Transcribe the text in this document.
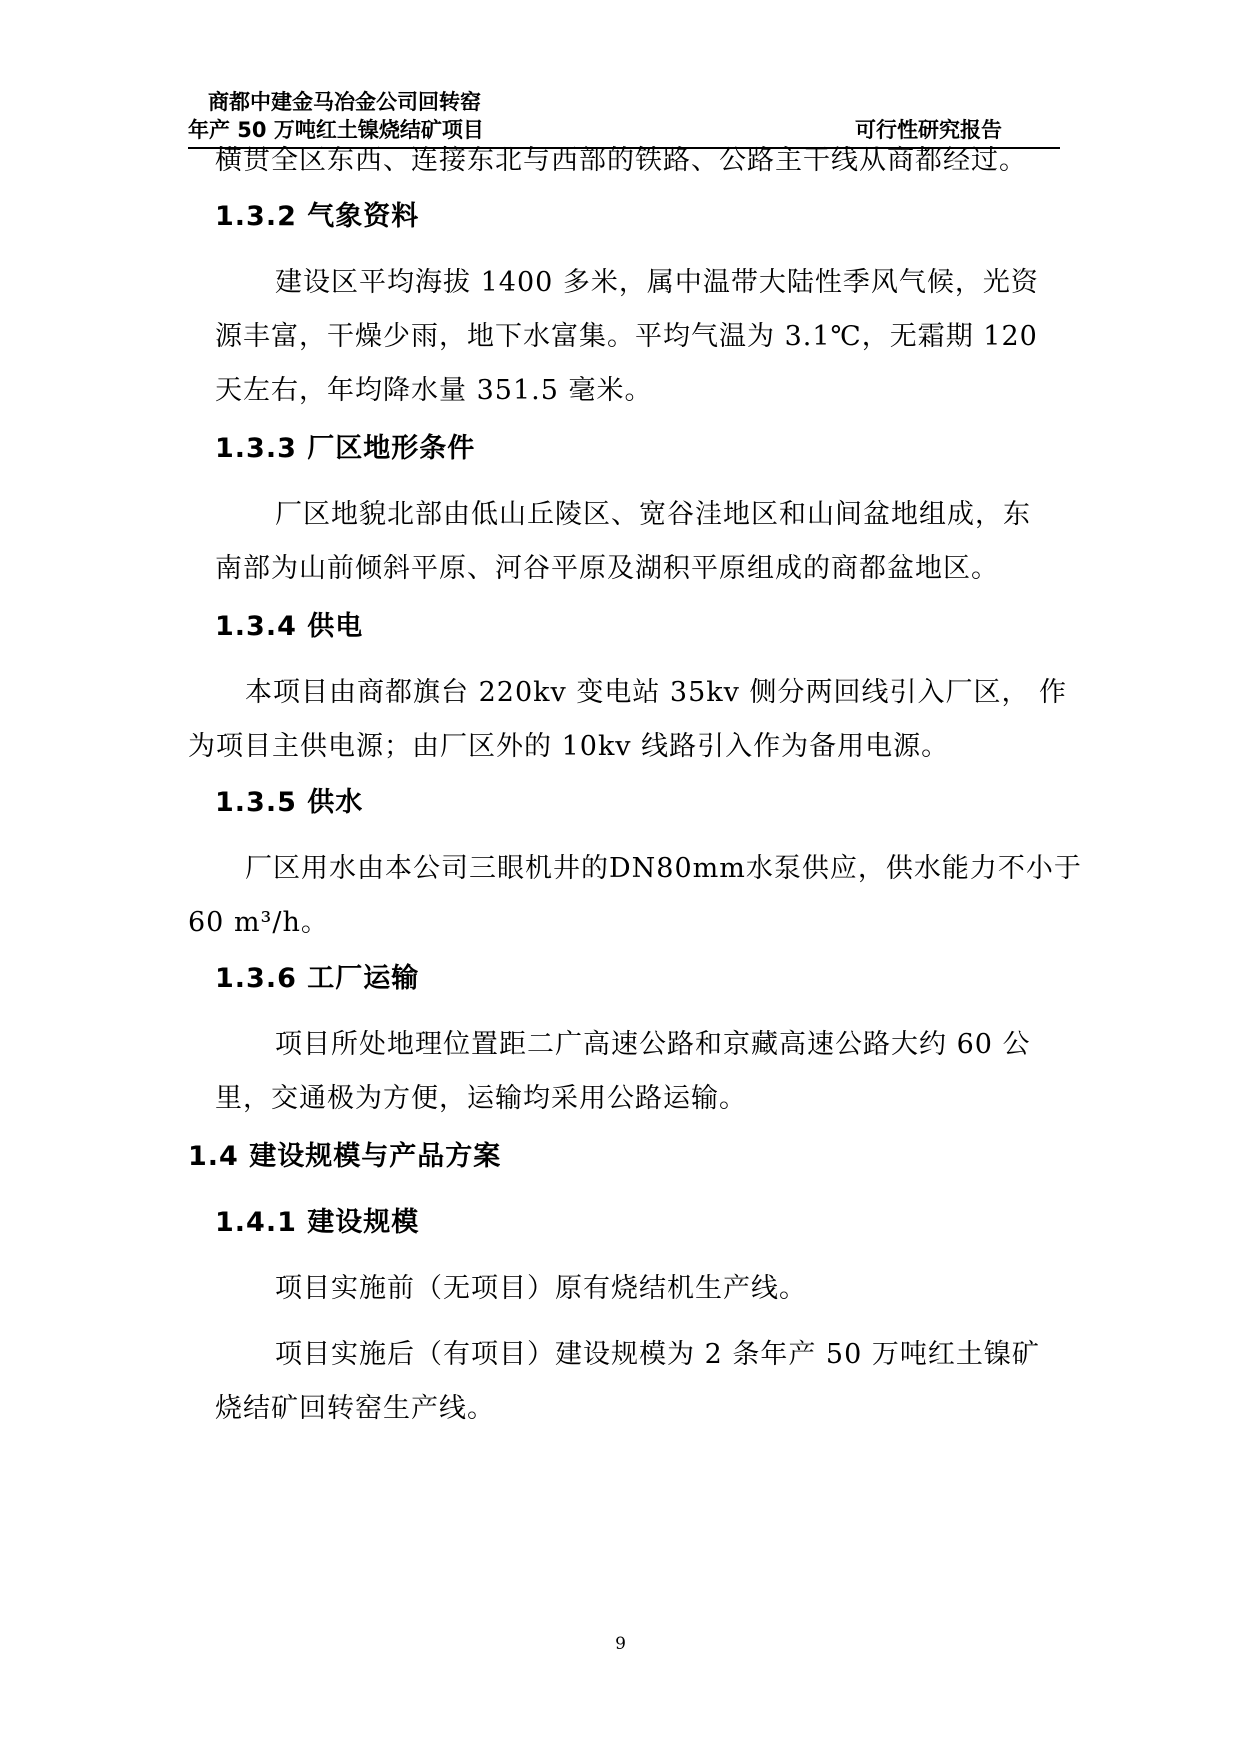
商都中建金马冶金公司回转窑
年产 50 万吨红土镍烧结矿项目	可行性研究报告
横贯全区东西、连接东北与西部的铁路、公路主干线从商都经过。
1.3.2 气象资料
建设区平均海拔 1400 多米，属中温带大陆性季风气候，光资
源丰富，干燥少雨，地下水富集。平均气温为 3.1℃，无霜期 120
天左右，年均降水量 351.5 毫米。
1.3.3 厂区地形条件
厂区地貌北部由低山丘陵区、宽谷洼地区和山间盆地组成，东
南部为山前倾斜平原、河谷平原及湖积平原组成的商都盆地区。
1.3.4 供电
本项目由商都旗台 220kv 变电站 35kv 侧分两回线引入厂区， 作
为项目主供电源；由厂区外的 10kv 线路引入作为备用电源。
1.3.5 供水
厂区用水由本公司三眼机井的DN80mm水泵供应，供水能力不小于
60 m³/h。
1.3.6 工厂运输
项目所处地理位置距二广高速公路和京藏高速公路大约 60 公
里，交通极为方便，运输均采用公路运输。
1.4 建设规模与产品方案
1.4.1 建设规模
项目实施前（无项目）原有烧结机生产线。
项目实施后（有项目）建设规模为 2 条年产 50 万吨红土镍矿
烧结矿回转窑生产线。
9
